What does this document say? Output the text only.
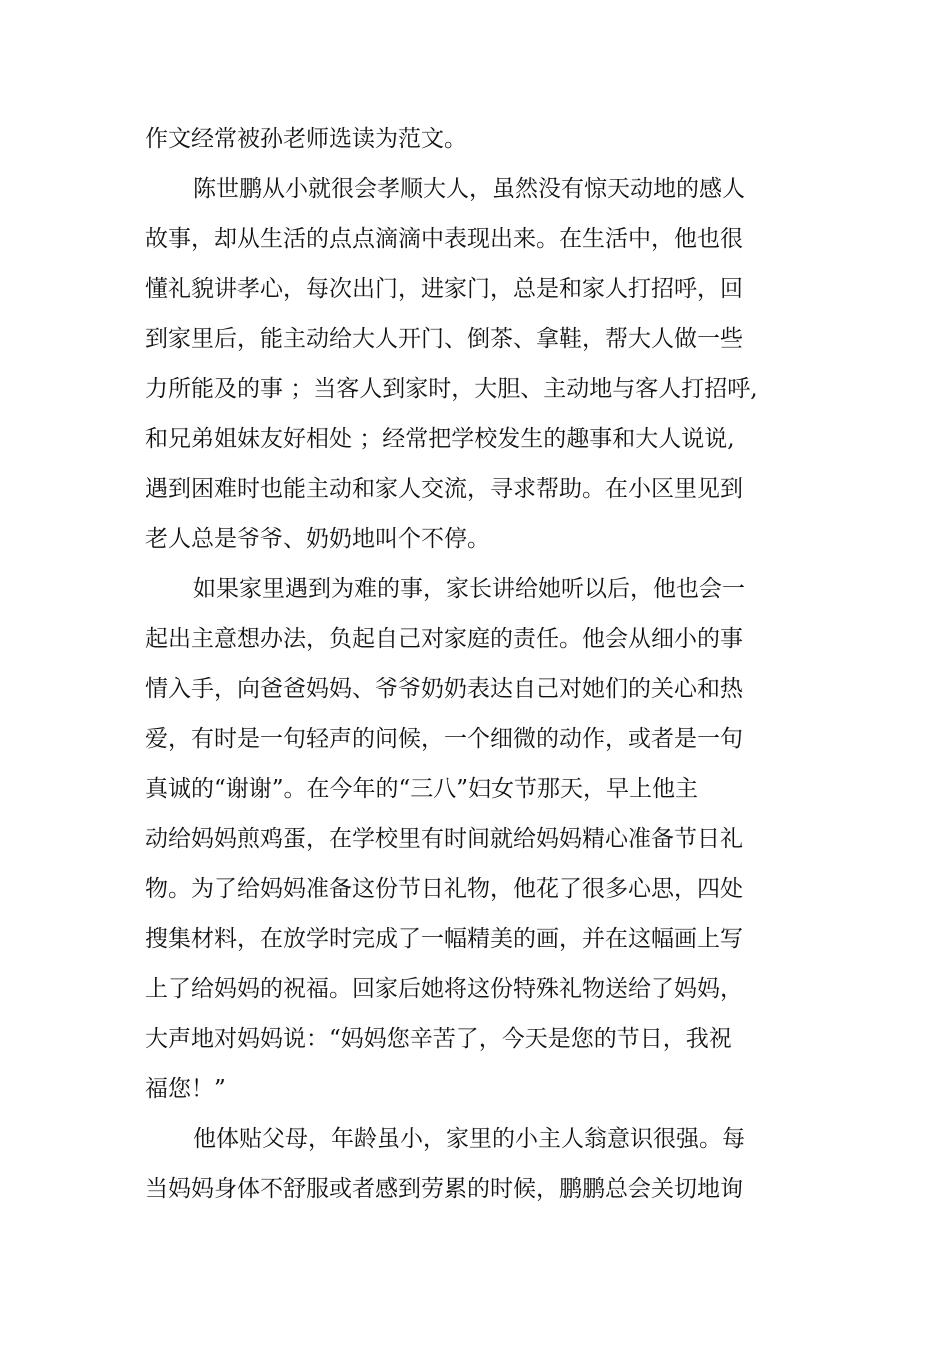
作文经常被孙老师选读为范文。
陈世鹏从小就很会孝顺大人，虽然没有惊天动地的感人
故事，却从生活的点点滴滴中表现出来。在生活中，他也很
懂礼貌讲孝心，每次出门，进家门，总是和家人打招呼，回
到家里后，能主动给大人开门、倒茶、拿鞋，帮大人做一些
力所能及的事 ；当客人到家时，大胆、主动地与客人打招呼,
和兄弟姐妹友好相处 ；经常把学校发生的趣事和大人说说,
遇到困难时也能主动和家人交流，寻求帮助。在小区里见到
老人总是爷爷、奶奶地叫个不停。
如果家里遇到为难的事，家长讲给她听以后，他也会一
起出主意想办法，负起自己对家庭的责任。他会从细小的事
情入手，向爸爸妈妈、爷爷奶奶表达自己对她们的关心和热
爱，有时是一句轻声的问候，一个细微的动作，或者是一句
真诚的“谢谢”。在今年的“三八”妇女节那天，早上他主
动给妈妈煎鸡蛋，在学校里有时间就给妈妈精心准备节日礼
物。为了给妈妈准备这份节日礼物，他花了很多心思，四处
搜集材料，在放学时完成了一幅精美的画，并在这幅画上写
上了给妈妈的祝福。回家后她将这份特殊礼物送给了妈妈，
大声地对妈妈说：“妈妈您辛苦了，今天是您的节日，我祝
福您！”
他体贴父母，年龄虽小，家里的小主人翁意识很强。每
当妈妈身体不舒服或者感到劳累的时候，鹏鹏总会关切地询
